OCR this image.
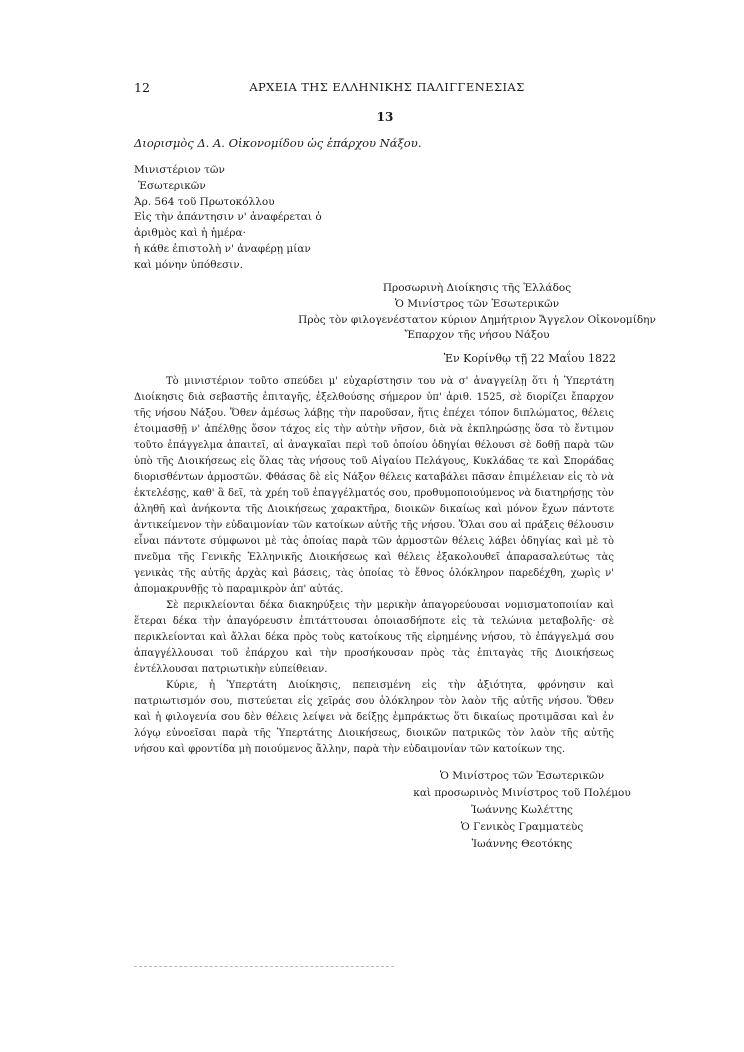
12	ΑΡΧΕΙΑ ΤΗΣ ΕΛΛΗΝΙΚΗΣ ΠΑΛΙΓΓΕΝΕΣΙΑΣ
13
Διορισμὸς Δ. Α. Οἰκονομίδου ὡς ἐπάρχου Νάξου.
Μινιστέριον τῶν
Ἐσωτερικῶν
Ἀρ. 564 τοῦ Πρωτοκόλλου
Εἰς τὴν ἀπάντησιν ν' ἀναφέρεται ὁ
ἀριθμὸς καὶ ἡ ἡμέρα·
ἡ κάθε ἐπιστολὴ ν' ἀναφέρῃ μίαν
καὶ μόνην ὑπόθεσιν.
Προσωρινὴ Διοίκησις τῆς Ἑλλάδος
Ὁ Μινίστρος τῶν Ἐσωτερικῶν
Πρὸς τὸν φιλογενέστατον κύριον Δημήτριον Ἄγγελον Οἰκονομίδην
Ἔπαρχον τῆς νήσου Νάξου
Ἐν Κορίνθῳ τῇ 22 Μαΐου 1822

Τὸ μινιστέριον τοῦτο σπεύδει μ' εὐχαρίστησιν του νὰ σ' ἀναγγείλῃ ὅτι ἡ Ὑπερτάτη Διοίκησις διὰ σεβαστῆς ἐπιταγῆς, ἐξελθούσης σήμερον ὑπ' ἀριθ. 1525, σὲ διορίζει ἔπαρχον τῆς νήσου Νάξου. Ὅθεν ἀμέσως λάβῃς τὴν παροῦσαν, ἥτις ἐπέχει τόπον διπλώματος, θέλεις ἑτοιμασθῇ ν' ἀπέλθῃς ὅσον τάχος εἰς τὴν αὐτὴν νῆσον, διὰ νὰ ἐκπληρώσῃς ὅσα τὸ ἔντιμον τοῦτο ἐπάγγελμα ἀπαιτεῖ, αἱ ἀναγκαῖαι περὶ τοῦ ὁποίου ὁδηγίαι θέλουσι σὲ δοθῇ παρὰ τῶν ὑπὸ τῆς Διοικήσεως εἰς ὅλας τὰς νήσους τοῦ Αἰγαίου Πελάγους, Κυκλάδας τε καὶ Σποράδας διορισθέντων ἁρμοστῶν. Φθάσας δὲ εἰς Νάξον θέλεις καταβάλει πᾶσαν ἐπιμέλειαν εἰς τὸ νὰ ἐκτελέσῃς, καθ' ἃ δεῖ, τὰ χρέη τοῦ ἐπαγγέλματός σου, προθυμοποιούμενος νὰ διατηρήσῃς τὸν ἀληθῆ καὶ ἁνήκοντα τῆς Διοικήσεως χαρακτῆρα, διοικῶν δικαίως καὶ μόνον ἔχων πάντοτε ἀντικείμενον τὴν εὐδαιμονίαν τῶν κατοίκων αὐτῆς τῆς νήσου. Ὅλαι σου αἱ πράξεις θέλουσιν εἶναι πάντοτε σύμφωνοι μὲ τὰς ὁποίας παρὰ τῶν ἁρμοστῶν θέλεις λάβει ὁδηγίας καὶ μὲ τὸ πνεῦμα τῆς Γενικῆς Ἑλληνικῆς Διοικήσεως καὶ θέλεις ἐξακολουθεῖ ἀπαρασαλεύτως τὰς γενικὰς τῆς αὐτῆς ἀρχὰς καὶ βάσεις, τὰς ὁποίας τὸ ἔθνος ὁλόκληρον παρεδέχθη, χωρὶς ν' ἀπομακρυνθῇς τὸ παραμικρὸν ἀπ' αὐτάς.

Σὲ περικλείονται δέκα διακηρύξεις τὴν μερικὴν ἀπαγορεύουσαι νομισματοποιίαν καὶ ἕτεραι δέκα τὴν ἀπαγόρευσιν ἐπιτάττουσαι ὁποιασδήποτε εἰς τὰ τελώνια μεταβολῆς· σὲ περικλείονται καὶ ἄλλαι δέκα πρὸς τοὺς κατοίκους τῆς εἰρημένης νήσου, τὸ ἐπάγγελμά σου ἀπαγγέλλουσαι τοῦ ἐπάρχου καὶ τὴν προσήκουσαν πρὸς τὰς ἐπιταγὰς τῆς Διοικήσεως ἐντέλλουσαι πατριωτικὴν εὐπείθειαν.

Κύριε, ἡ Ὑπερτάτη Διοίκησις, πεπεισμένη εἰς τὴν ἀξιότητα, φρόνησιν καὶ πατριωτισμόν σου, πιστεύεται εἰς χεῖράς σου ὁλόκληρον τὸν λαὸν τῆς αὐτῆς νήσου. Ὅθεν καὶ ἡ φιλογενία σου δὲν θέλεις λείψει νὰ δείξῃς ἐμπράκτως ὅτι δικαίως προτιμᾶσαι καὶ ἐν λόγῳ εὐνοεῖσαι παρὰ τῆς Ὑπερτάτης Διοικήσεως, διοικῶν πατρικῶς τὸν λαὸν τῆς αὐτῆς νήσου καὶ φροντίδα μὴ ποιούμενος ἄλλην, παρὰ τὴν εὐδαιμονίαν τῶν κατοίκων της.

Ὁ Μινίστρος τῶν Ἐσωτερικῶν
καὶ προσωρινὸς Μινίστρος τοῦ Πολέμου
Ἰωάννης Κωλέττης
Ὁ Γενικὸς Γραμματεὺς
Ἰωάννης Θεοτόκης
